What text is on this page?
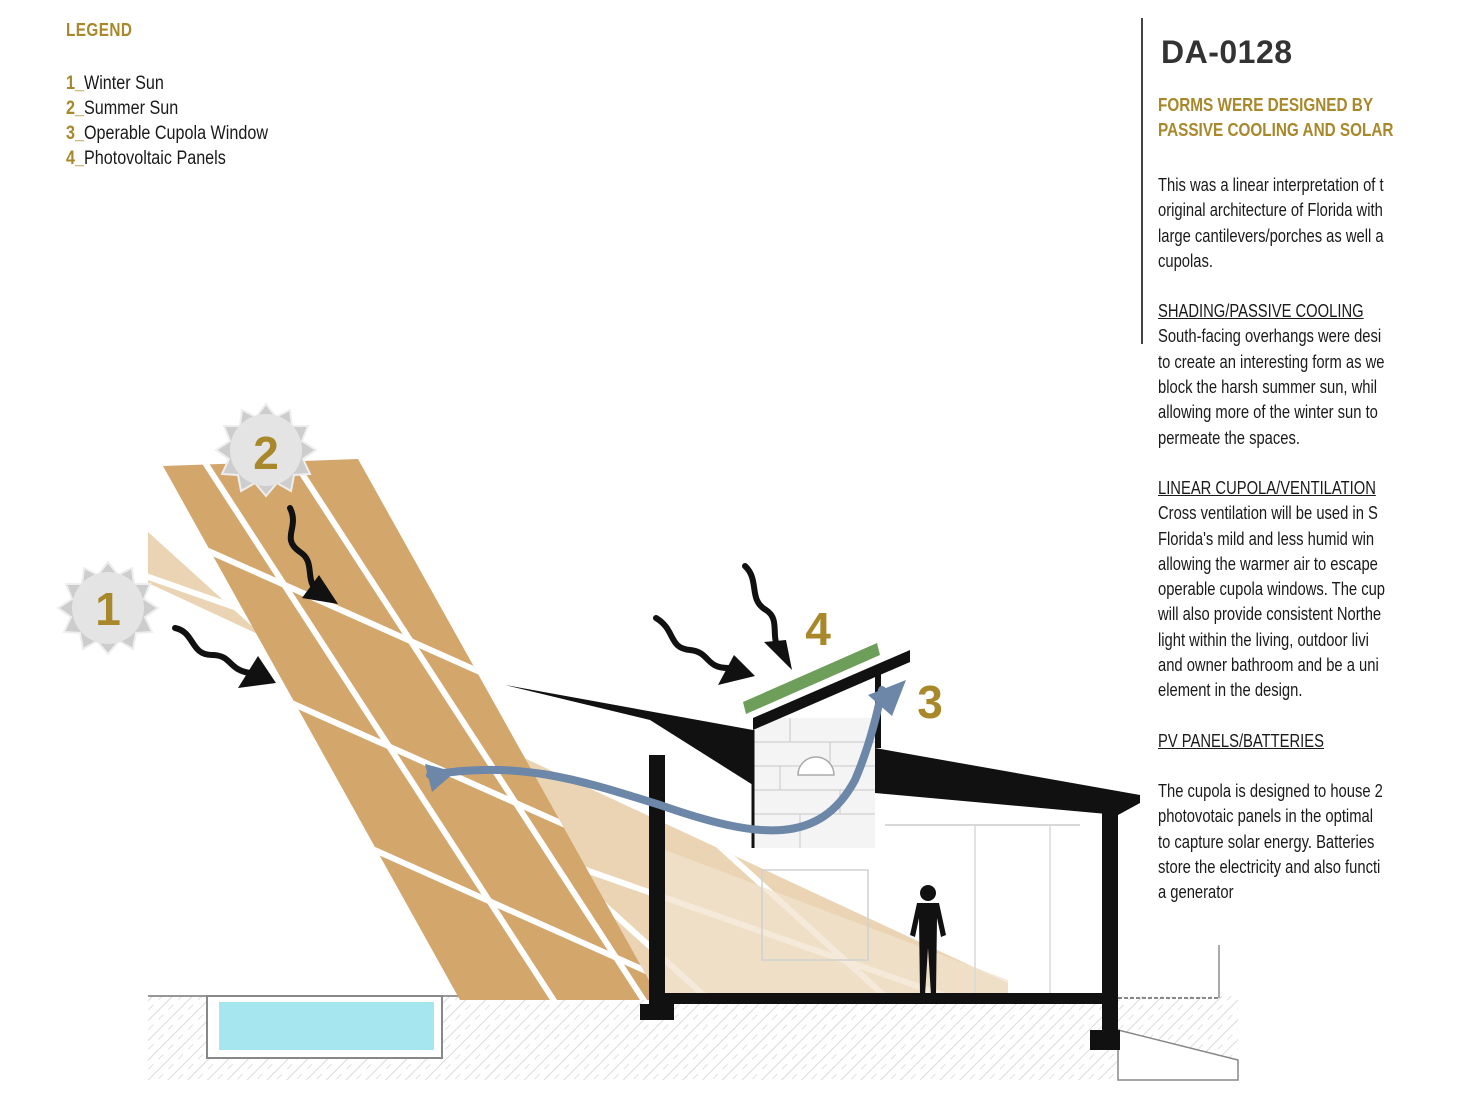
1
2
3
4
LEGEND
1_Winter Sun
2_Summer Sun
3_Operable Cupola Window
4_Photovoltaic Panels
DA-0128
FORMS WERE DESIGNED BY
PASSIVE COOLING AND SOLAR
This was a linear interpretation of t
original architecture of Florida with
large cantilevers/porches as well a
cupolas.
SHADING/PASSIVE COOLING
South-facing overhangs were desi
to create an interesting form as we
block the harsh summer sun, whil
allowing more of the winter sun to
permeate the spaces.
LINEAR CUPOLA/VENTILATION
Cross ventilation will be used in S
Florida's mild and less humid win
allowing the warmer air to escape
operable cupola windows. The cup
will also provide consistent Northe
light within the living, outdoor livi
and owner bathroom and be a uni
element in the design.
PV PANELS/BATTERIES
The cupola is designed to house 2
photovotaic panels in the optimal
to capture solar energy. Batteries
store the electricity and also functi
a generator
